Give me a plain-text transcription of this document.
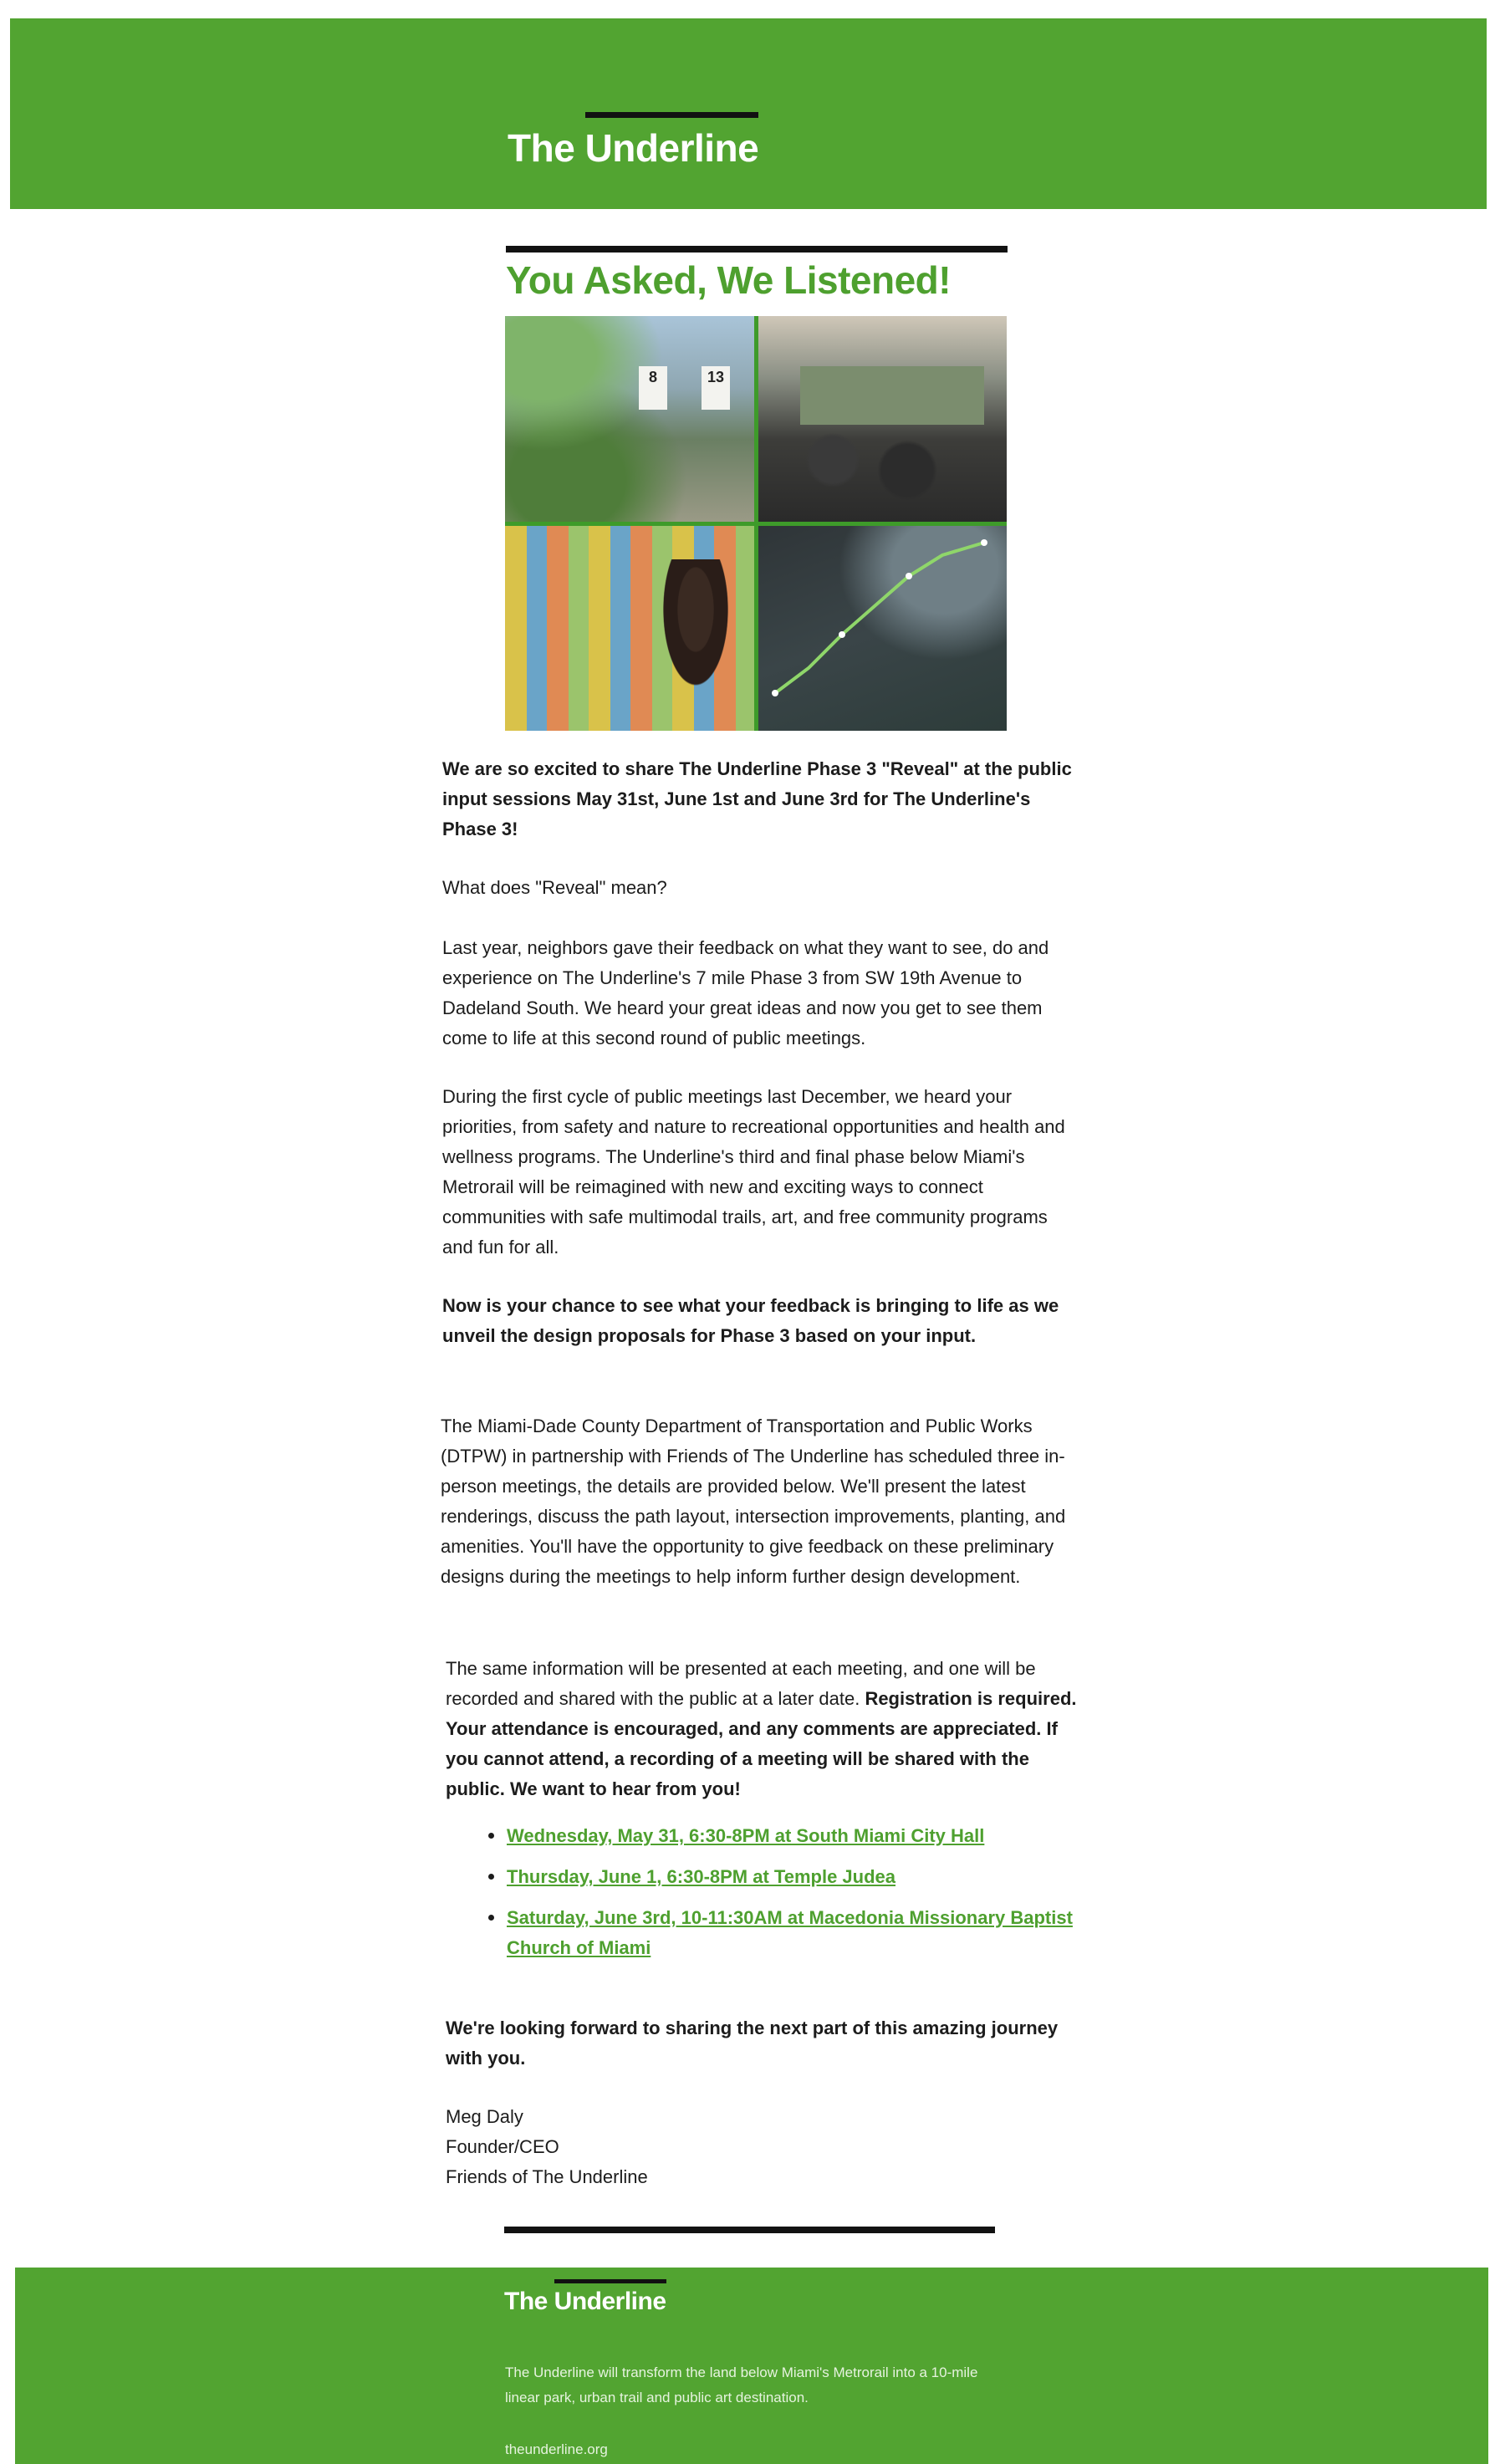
The Underline
You Asked, We Listened!
8	13

We are so excited to share The Underline Phase 3 "Reveal" at the public input sessions May 31st, June 1st and June 3rd for The Underline's Phase 3!

What does "Reveal" mean?

Last year, neighbors gave their feedback on what they want to see, do and experience on The Underline's 7 mile Phase 3 from SW 19th Avenue to Dadeland South. We heard your great ideas and now you get to see them come to life at this second round of public meetings.

During the first cycle of public meetings last December, we heard your priorities, from safety and nature to recreational opportunities and health and wellness programs. The Underline's third and final phase below Miami's Metrorail will be reimagined with new and exciting ways to connect communities with safe multimodal trails, art, and free community programs and fun for all.

Now is your chance to see what your feedback is bringing to life as we unveil the design proposals for Phase 3 based on your input.

The Miami-Dade County Department of Transportation and Public Works (DTPW) in partnership with Friends of The Underline has scheduled three in-person meetings, the details are provided below. We'll present the latest renderings, discuss the path layout, intersection improvements, planting, and amenities. You'll have the opportunity to give feedback on these preliminary designs during the meetings to help inform further design development.

The same information will be presented at each meeting, and one will be recorded and shared with the public at a later date. Registration is required. Your attendance is encouraged, and any comments are appreciated. If you cannot attend, a recording of a meeting will be shared with the public. We want to hear from you!

Wednesday, May 31, 6:30-8PM at South Miami City Hall
Thursday, June 1, 6:30-8PM at Temple Judea
Saturday, June 3rd, 10-11:30AM at Macedonia Missionary Baptist Church of Miami

We're looking forward to sharing the next part of this amazing journey with you.

Meg Daly
Founder/CEO
Friends of The Underline

The Underline

The Underline will transform the land below Miami's Metrorail into a 10-mile linear park, urban trail and public art destination.

theunderline.org
